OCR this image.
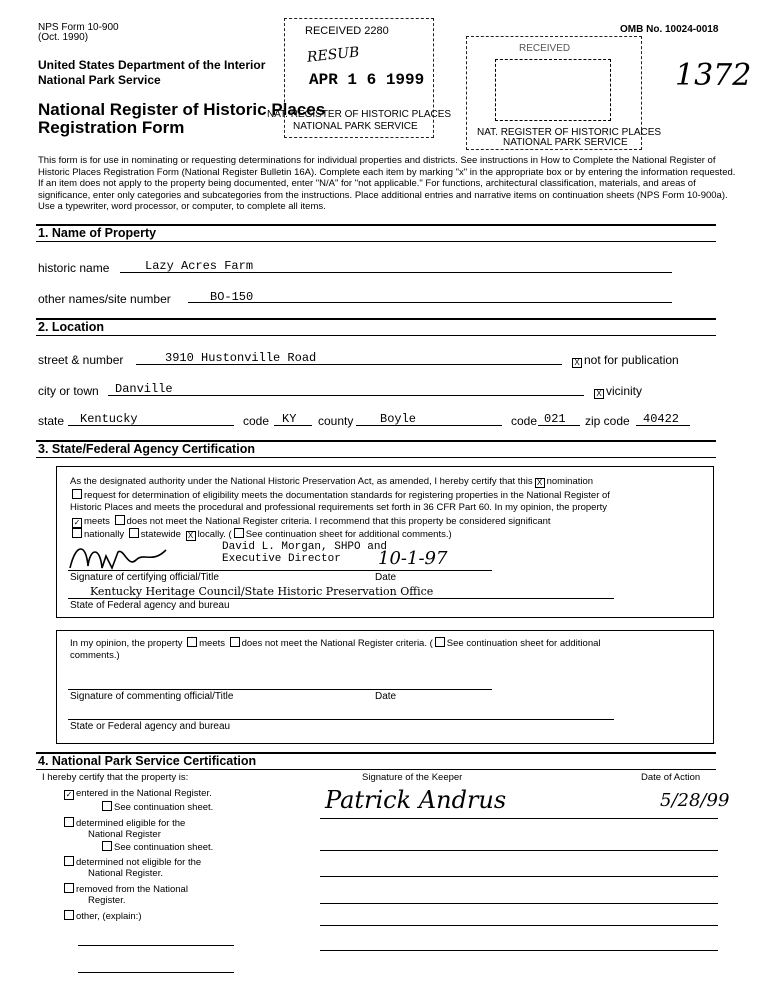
NPS Form 10-900
(Oct. 1990)
OMB No. 10024-0018
United States Department of the Interior
National Park Service
National Register of Historic Places
Registration Form
1372
RECEIVED 2280
RESUB
APR 1 6 1999
NAT. REGISTER OF HISTORIC PLACES
NATIONAL PARK SERVICE
RECEIVED
NAT. REGISTER OF HISTORIC PLACES
NATIONAL PARK SERVICE
This form is for use in nominating or requesting determinations for individual properties and districts. See instructions in How to Complete the National Register of Historic Places Registration Form (National Register Bulletin 16A). Complete each item by marking "x" in the appropriate box or by entering the information requested. If an item does not apply to the property being documented, enter "N/A" for "not applicable." For functions, architectural classification, materials, and areas of significance, enter only categories and subcategories from the instructions. Place additional entries and narrative items on continuation sheets (NPS Form 10-900a). Use a typewriter, word processor, or computer, to complete all items.
1. Name of Property
historic name	Lazy Acres Farm
other names/site number	BO-150
2. Location
street & number	3910 Hustonville Road	X not for publication
city or town Danville	X vicinity
state Kentucky	code KY county Boyle	code 021 zip code 40422
3. State/Federal Agency Certification
As the designated authority under the National Historic Preservation Act, as amended, I hereby certify that this X nomination
request for determination of eligibility meets the documentation standards for registering properties in the National Register of
Historic Places and meets the procedural and professional requirements set forth in 36 CFR Part 60. In my opinion, the property
✓ meets does not meet the National Register criteria. I recommend that this property be considered significant
nationally statewide X locally. ( See continuation sheet for additional comments.)
David L. Morgan, SHPO and
Executive Director 10-1-97
Signature of certifying official/Title	Date
Kentucky Heritage Council/State Historic Preservation Office
State of Federal agency and bureau
In my opinion, the property meets does not meet the National Register criteria. ( See continuation sheet for additional
comments.)
Signature of commenting official/Title	Date
State or Federal agency and bureau
4. National Park Service Certification
I hereby certify that the property is:	Signature of the Keeper	Date of Action
Patrick Andrus	5/28/99
✓ entered in the National Register.
See continuation sheet.
determined eligible for the
National Register
See continuation sheet.
determined not eligible for the
National Register.
removed from the National
Register.
other, (explain:)
